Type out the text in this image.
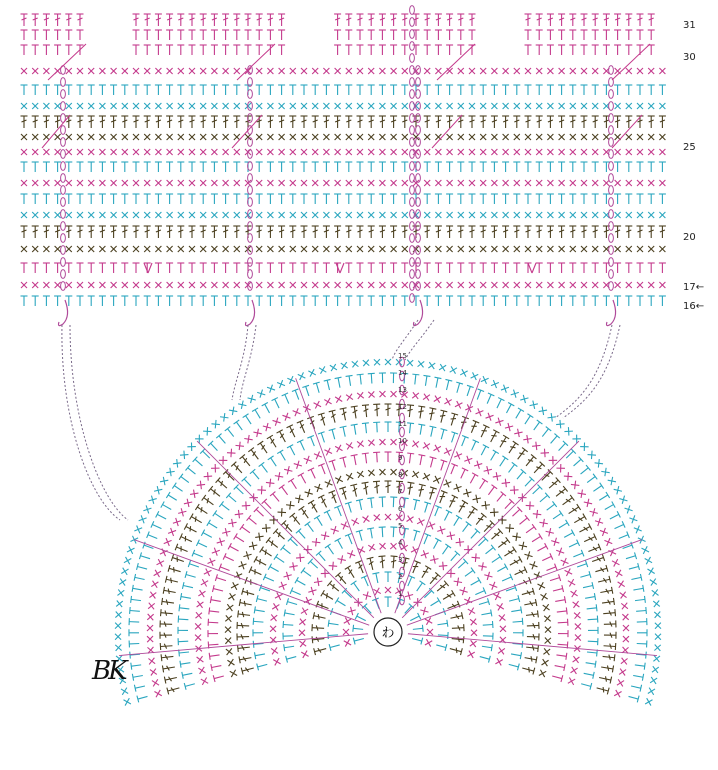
15
14
13
12
11
10
9
8
7
6
5
4
3
2
1
わ
31
30
25
20
17←
16←
BK
